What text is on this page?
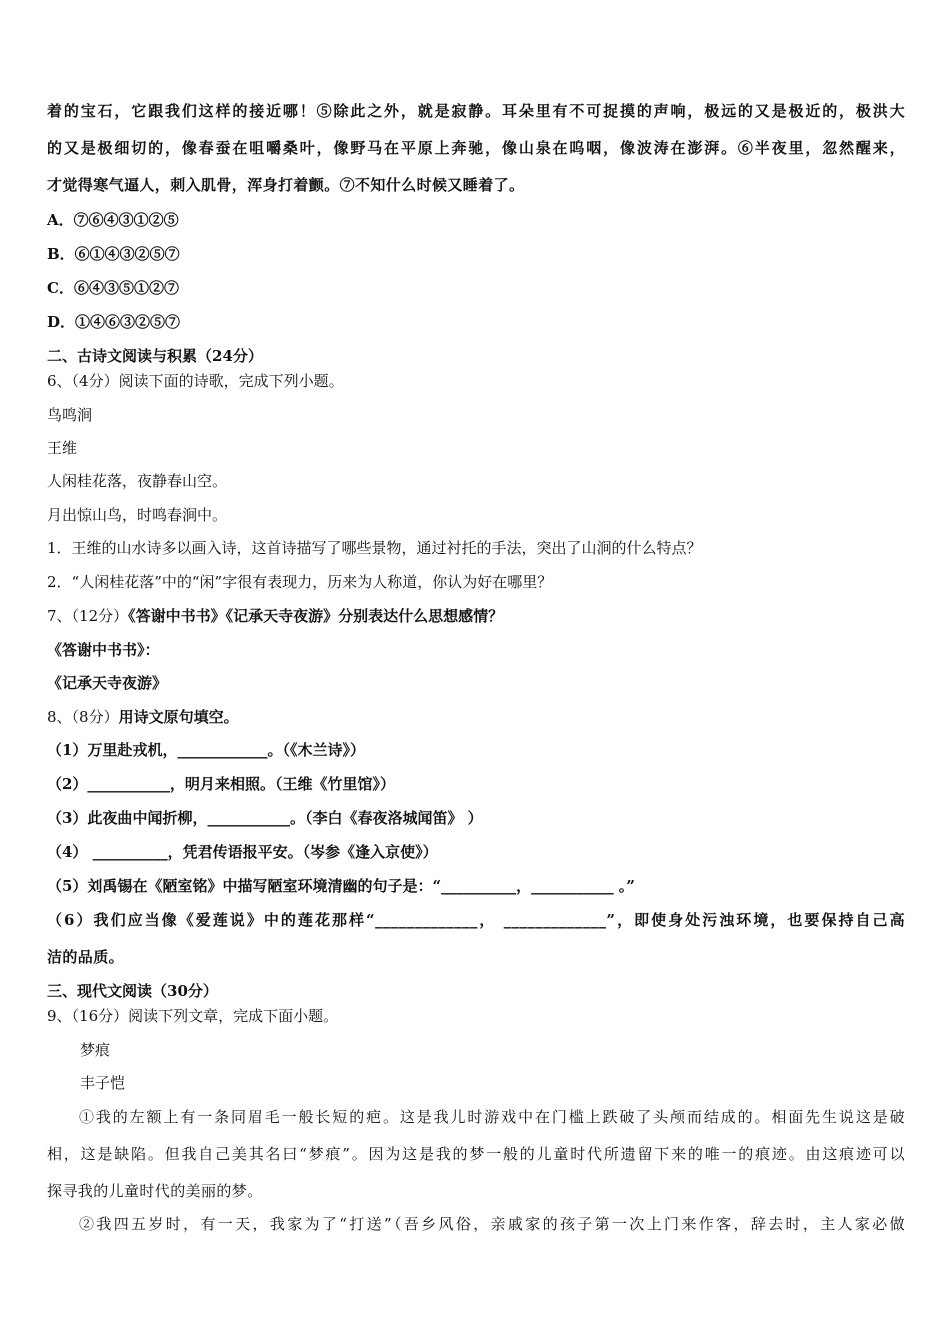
着的宝石，它跟我们这样的接近哪！⑤除此之外，就是寂静。耳朵里有不可捉摸的声响，极远的又是极近的，极洪大
的又是极细切的，像春蚕在咀嚼桑叶，像野马在平原上奔驰，像山泉在呜咽，像波涛在澎湃。⑥半夜里，忽然醒来，
才觉得寒气逼人，刺入肌骨，浑身打着颤。⑦不知什么时候又睡着了。
A．⑦⑥④③①②⑤
B．⑥①④③②⑤⑦
C．⑥④③⑤①②⑦
D．①④⑥③②⑤⑦
二、古诗文阅读与积累（24分）
6、（4分）阅读下面的诗歌，完成下列小题。
鸟鸣涧
王维
人闲桂花落，夜静春山空。
月出惊山鸟，时鸣春涧中。
1．王维的山水诗多以画入诗，这首诗描写了哪些景物，通过衬托的手法，突出了山涧的什么特点？
2．“人闲桂花落”中的“闲”字很有表现力，历来为人称道，你认为好在哪里？
7、（12分）《答谢中书书》《记承天寺夜游》分别表达什么思想感情？
《答谢中书书》：
《记承天寺夜游》
8、（8分）用诗文原句填空。
（1）万里赴戎机，____________。（《木兰诗》）
（2）___________，明月来相照。（王维《竹里馆》）
（3）此夜曲中闻折柳，___________。（李白《春夜洛城闻笛》 ）
（4） __________，凭君传语报平安。（岑参《逢入京使》）
（5）刘禹锡在《陋室铭》中描写陋室环境清幽的句子是：“__________，___________ 。”
（6）我们应当像《爱莲说》中的莲花那样“_____________， _____________”，即使身处污浊环境，也要保持自己高
洁的品质。
三、现代文阅读（30分）
9、（16分）阅读下列文章，完成下面小题。
梦痕
丰子恺
①我的左额上有一条同眉毛一般长短的疤。这是我儿时游戏中在门槛上跌破了头颅而结成的。相面先生说这是破
相，这是缺陷。但我自己美其名曰“梦痕”。因为这是我的梦一般的儿童时代所遗留下来的唯一的痕迹。由这痕迹可以
探寻我的儿童时代的美丽的梦。
②我四五岁时，有一天，我家为了“打送”（吾乡风俗，亲戚家的孩子第一次上门来作客，辞去时，主人家必做
